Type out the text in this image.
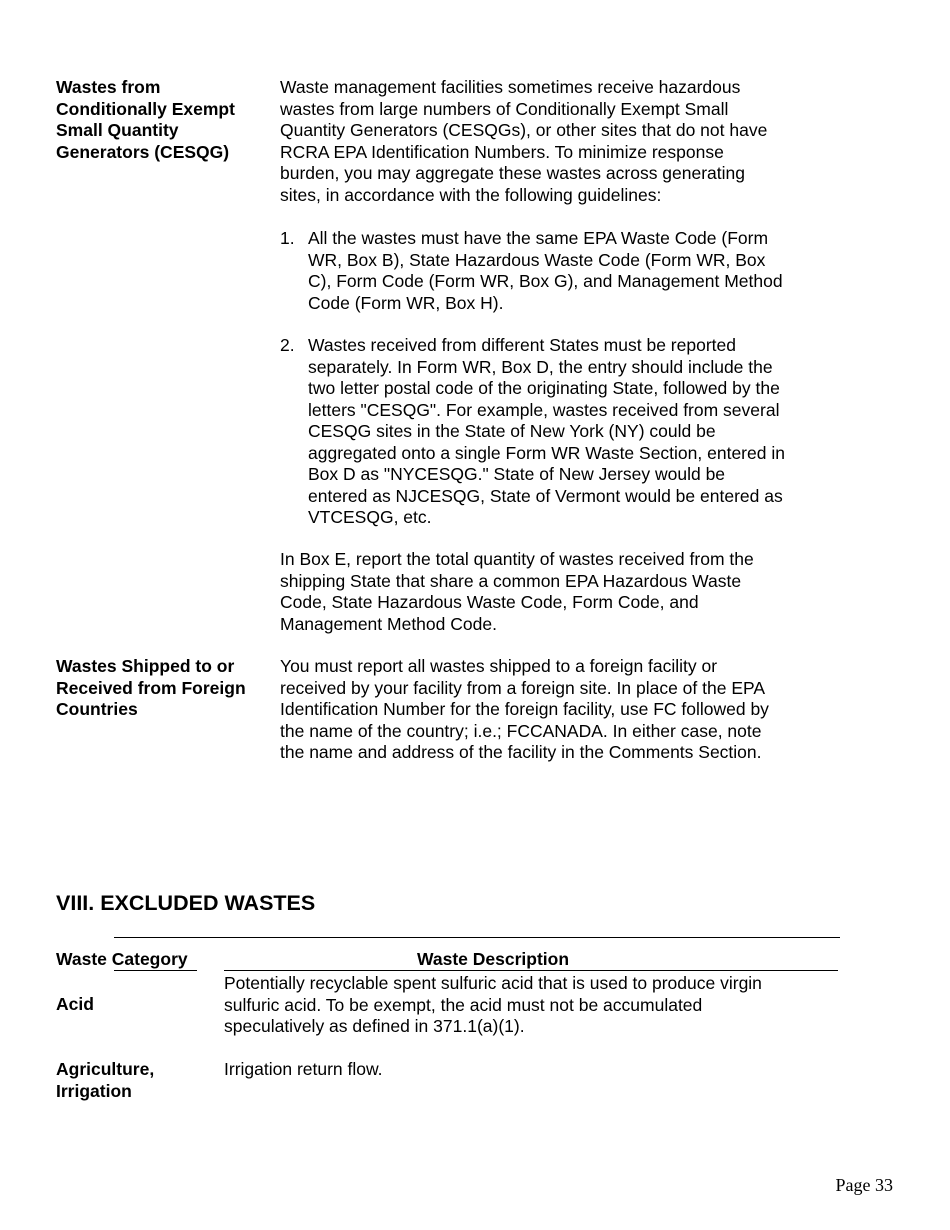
Wastes from Conditionally Exempt Small Quantity Generators (CESQG)

Waste management facilities sometimes receive hazardous wastes from large numbers of Conditionally Exempt Small Quantity Generators (CESQGs), or other sites that do not have RCRA EPA Identification Numbers. To minimize response burden, you may aggregate these wastes across generating sites, in accordance with the following guidelines:

1. All the wastes must have the same EPA Waste Code (Form WR, Box B), State Hazardous Waste Code (Form WR, Box C), Form Code (Form WR, Box G), and Management Method Code (Form WR, Box H).
2. Wastes received from different States must be reported separately. In Form WR, Box D, the entry should include the two letter postal code of the originating State, followed by the letters "CESQG". For example, wastes received from several CESQG sites in the State of New York (NY) could be aggregated onto a single Form WR Waste Section, entered in Box D as "NYCESQG." State of New Jersey would be entered as NJCESQG, State of Vermont would be entered as VTCESQG, etc.

In Box E, report the total quantity of wastes received from the shipping State that share a common EPA Hazardous Waste Code, State Hazardous Waste Code, Form Code, and Management Method Code.

Wastes Shipped to or Received from Foreign Countries

You must report all wastes shipped to a foreign facility or received by your facility from a foreign site. In place of the EPA Identification Number for the foreign facility, use FC followed by the name of the country; i.e.; FCCANADA. In either case, note the name and address of the facility in the Comments Section.

VIII. EXCLUDED WASTES
Waste Category	Waste Description
Acid
Potentially recyclable spent sulfuric acid that is used to produce virgin sulfuric acid. To be exempt, the acid must not be accumulated speculatively as defined in 371.1(a)(1).
Agriculture, Irrigation
Irrigation return flow.
Page 33
